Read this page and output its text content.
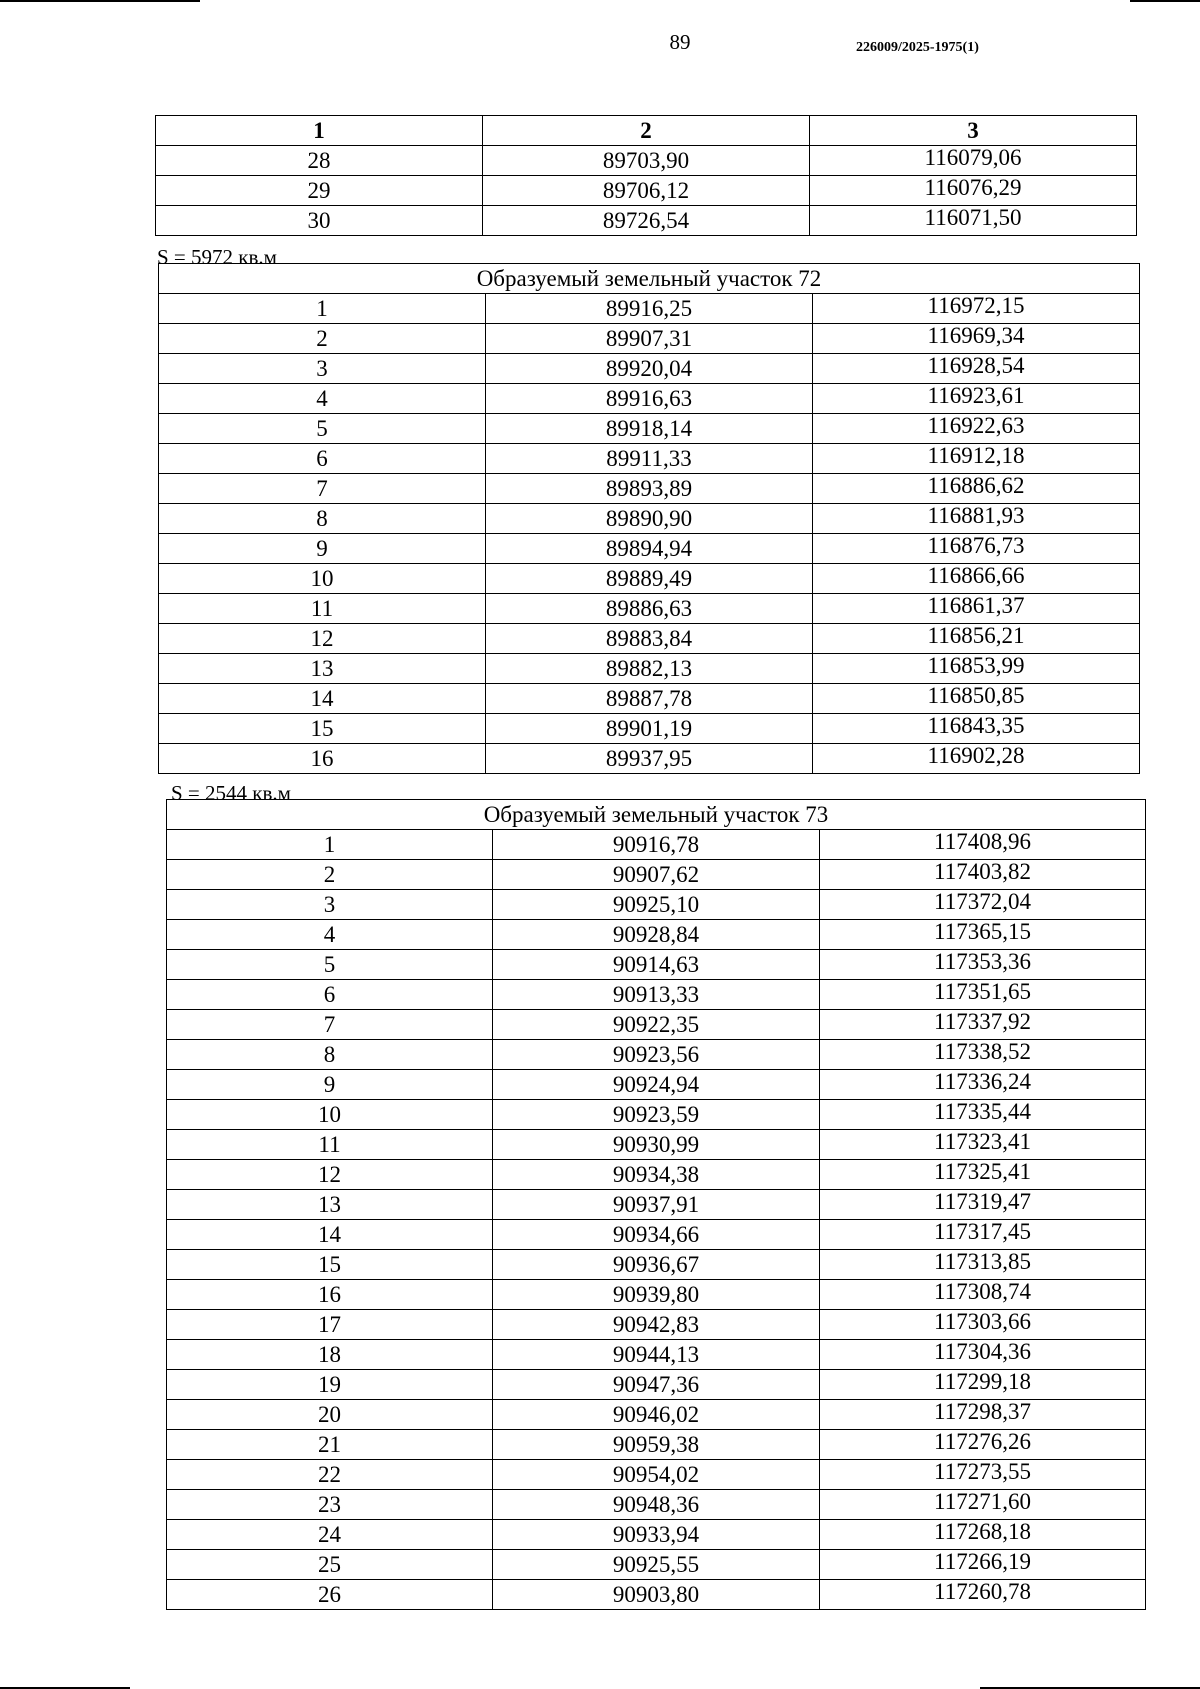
89	226009/2025-1975(1)
1	2	3
28	89703,90	116079,06
29	89706,12	116076,29
30	89726,54	116071,50
S = 5972 кв.м
Образуемый земельный участок 72		
1	89916,25	116972,15
2	89907,31	116969,34
3	89920,04	116928,54
4	89916,63	116923,61
5	89918,14	116922,63
6	89911,33	116912,18
7	89893,89	116886,62
8	89890,90	116881,93
9	89894,94	116876,73
10	89889,49	116866,66
11	89886,63	116861,37
12	89883,84	116856,21
13	89882,13	116853,99
14	89887,78	116850,85
15	89901,19	116843,35
16	89937,95	116902,28
S = 2544 кв.м
Образуемый земельный участок 73		
1	90916,78	117408,96
2	90907,62	117403,82
3	90925,10	117372,04
4	90928,84	117365,15
5	90914,63	117353,36
6	90913,33	117351,65
7	90922,35	117337,92
8	90923,56	117338,52
9	90924,94	117336,24
10	90923,59	117335,44
11	90930,99	117323,41
12	90934,38	117325,41
13	90937,91	117319,47
14	90934,66	117317,45
15	90936,67	117313,85
16	90939,80	117308,74
17	90942,83	117303,66
18	90944,13	117304,36
19	90947,36	117299,18
20	90946,02	117298,37
21	90959,38	117276,26
22	90954,02	117273,55
23	90948,36	117271,60
24	90933,94	117268,18
25	90925,55	117266,19
26	90903,80	117260,78
